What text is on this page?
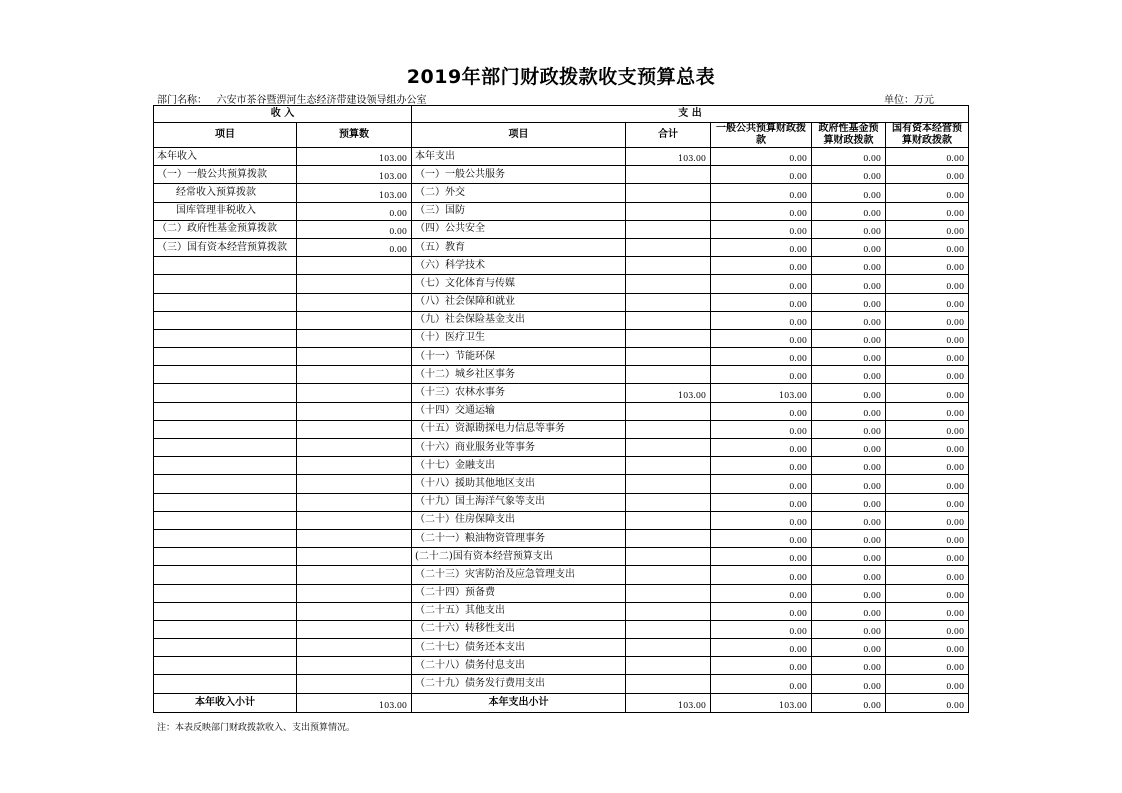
2019年部门财政拨款收支预算总表
部门名称： 六安市茶谷暨淠河生态经济带建设领导组办公室	单位：万元
收 入		支 出				
项目	预算数	项目	合计	一般公共预算财政拨款	政府性基金预算财政拨款	国有资本经营预算财政拨款
本年收入	103.00	本年支出	103.00	0.00	0.00	0.00
（一）一般公共预算拨款	103.00	（一）一般公共服务		0.00	0.00	0.00
经常收入预算拨款	103.00	（二）外交		0.00	0.00	0.00
国库管理非税收入	0.00	（三）国防		0.00	0.00	0.00
（二）政府性基金预算拨款	0.00	（四）公共安全		0.00	0.00	0.00
（三）国有资本经营预算拨款	0.00	（五）教育		0.00	0.00	0.00
		（六）科学技术		0.00	0.00	0.00
		（七）文化体育与传媒		0.00	0.00	0.00
		（八）社会保障和就业		0.00	0.00	0.00
		（九）社会保险基金支出		0.00	0.00	0.00
		（十）医疗卫生		0.00	0.00	0.00
		（十一）节能环保		0.00	0.00	0.00
		（十二）城乡社区事务		0.00	0.00	0.00
		（十三）农林水事务	103.00	103.00	0.00	0.00
		（十四）交通运输		0.00	0.00	0.00
		（十五）资源勘探电力信息等事务		0.00	0.00	0.00
		（十六）商业服务业等事务		0.00	0.00	0.00
		（十七）金融支出		0.00	0.00	0.00
		（十八）援助其他地区支出		0.00	0.00	0.00
		（十九）国土海洋气象等支出		0.00	0.00	0.00
		（二十）住房保障支出		0.00	0.00	0.00
		（二十一）粮油物资管理事务		0.00	0.00	0.00
		(二十二)国有资本经营预算支出		0.00	0.00	0.00
		（二十三）灾害防治及应急管理支出		0.00	0.00	0.00
		（二十四）预备费		0.00	0.00	0.00
		（二十五）其他支出		0.00	0.00	0.00
		（二十六）转移性支出		0.00	0.00	0.00
		（二十七）债务还本支出		0.00	0.00	0.00
		（二十八）债务付息支出		0.00	0.00	0.00
		（二十九）债务发行费用支出		0.00	0.00	0.00
本年收入小计	103.00	本年支出小计	103.00	103.00	0.00	0.00
注：本表反映部门财政拨款收入、支出预算情况。
